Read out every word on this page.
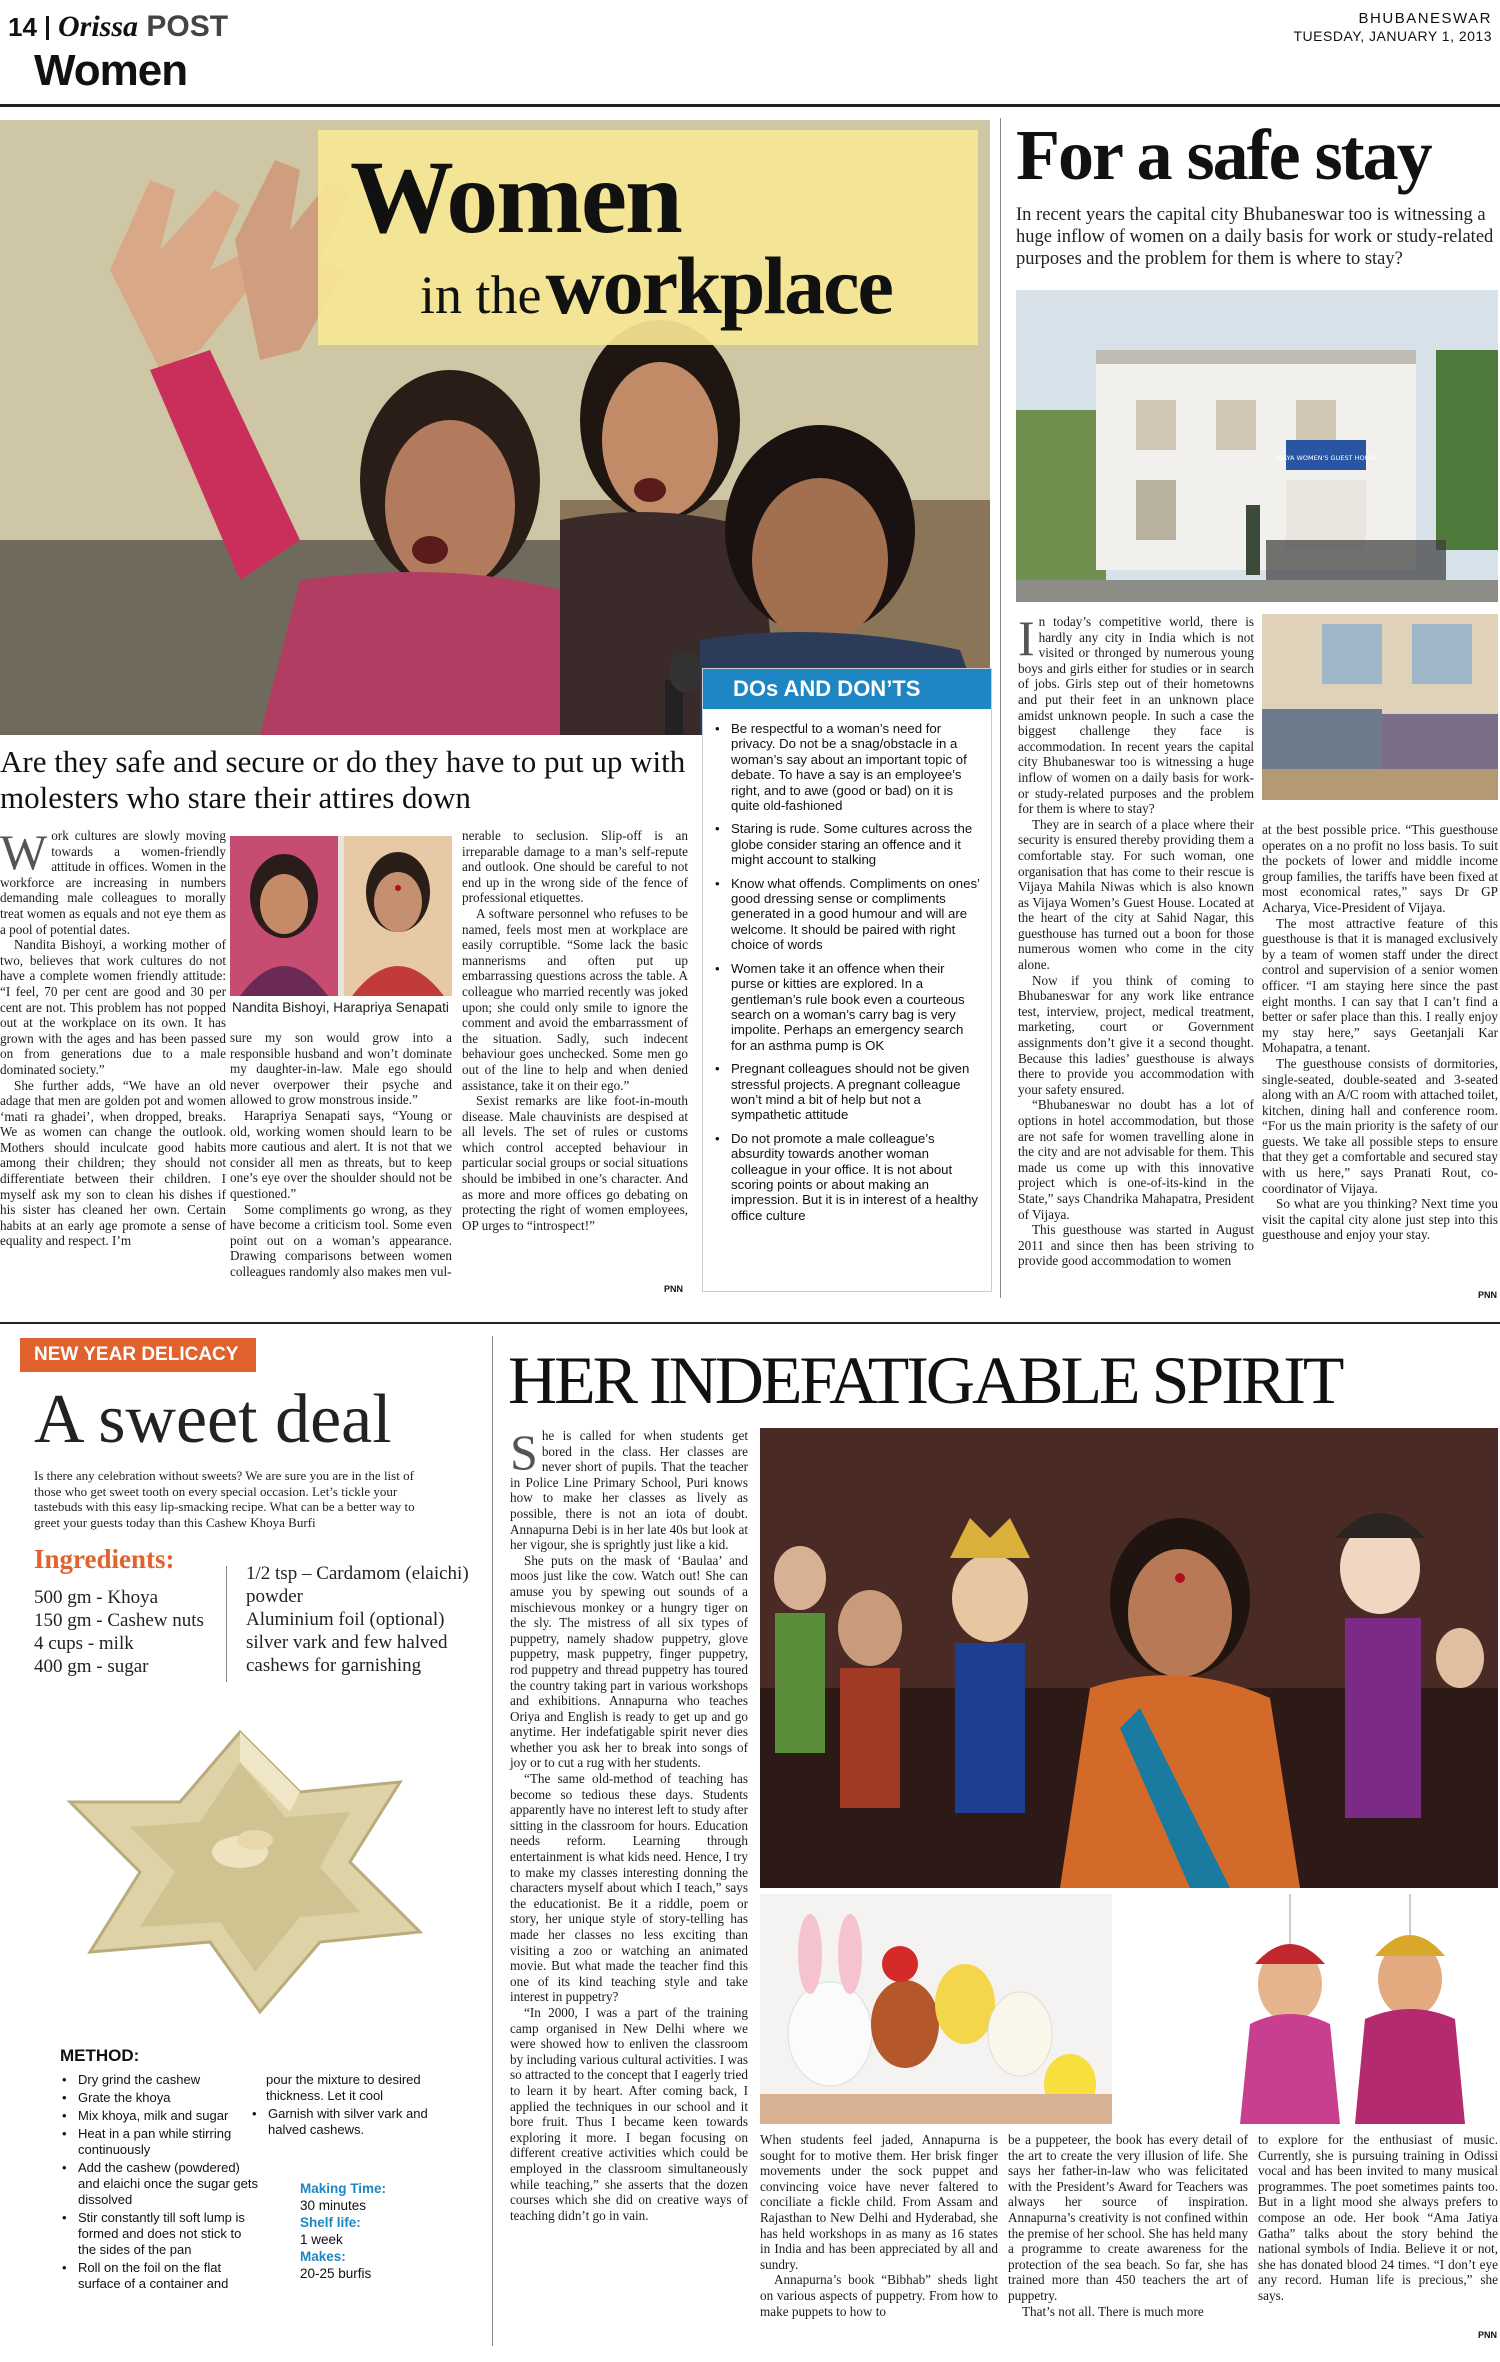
14 Orissa POST	BHUBANESWAR
TUESDAY, JANUARY 1, 2013
Women
Women
in the workplace
DOs AND DON’TS
• Be respectful to a woman’s need for privacy. Do not be a snag/obstacle in a woman’s say about an important topic of debate. To have a say is an employee’s right, and to awe (good or bad) on it is quite old-fashioned
• Staring is rude. Some cultures across the globe consider staring an offence and it might account to stalking
• Know what offends. Compliments on ones’ good dressing sense or compliments generated in a good humour and will are welcome. It should be paired with right choice of words
• Women take it an offence when their purse or kitties are explored. In a gentleman’s rule book even a courteous search on a woman’s carry bag is very impolite. Perhaps an emergency search for an asthma pump is OK
• Pregnant colleagues should not be given stressful projects. A pregnant colleague won’t mind a bit of help but not a sympathetic attitude
• Do not promote a male colleague’s absurdity towards another woman colleague in your office. It is not about scoring points or about making an impression. But it is in interest of a healthy office culture
Are they safe and secure or do they have to put up with molesters who stare their attires down

Work cultures are slowly moving towards a women-friendly attitude in offices. Women in the workforce are increasing in numbers demanding male colleagues to morally treat women as equals and not eye them as a pool of potential dates.

Nandita Bishoyi, a working mother of two, believes that work cultures do not have a complete women friendly attitude: “I feel, 70 per cent are good and 30 per cent are not. This problem has not popped out at the workplace on its own. It has grown with the ages and has been passed on from generations due to a male dominated society.”

She further adds, “We have an old adage that men are golden pot and women ‘mati ra ghadei’, when dropped, breaks. We as women can change the outlook. Mothers should inculcate good habits among their children; they should not differentiate between their children. I myself ask my son to clean his dishes if his sister has cleaned her own. Certain habits at an early age promote a sense of equality and respect. I’m

Nandita Bishoyi, Harapriya Senapati

sure my son would grow into a responsible husband and won’t dominate my daughter-in-law. Male ego should never overpower their psyche and allowed to grow monstrous inside.”

Harapriya Senapati says, “Young or old, working women should learn to be more cautious and alert. It is not that we consider all men as threats, but to keep one’s eye over the shoulder should not be questioned.”

Some compliments go wrong, as they have become a criticism tool. Some even point out on a woman’s appearance. Drawing comparisons between women colleagues randomly also makes men vul-

nerable to seclusion. Slip-off is an irreparable damage to a man’s self-repute and outlook. One should be careful to not end up in the wrong side of the fence of professional etiquettes.

A software personnel who refuses to be named, feels most men at workplace are easily corruptible. “Some lack the basic mannerisms and often put up embarrassing questions across the table. A colleague who married recently was joked upon; she could only smile to ignore the comment and avoid the embarrassment of the situation. Sadly, such indecent behaviour goes unchecked. Some men go out of the line to help and when denied assistance, take it on their ego.”

Sexist remarks are like foot-in-mouth disease. Male chauvinists are despised at all levels. The set of rules or customs which control accepted behaviour in particular social groups or social situations should be imbibed in one’s character. And as more and more offices go debating on protecting the right of women employees, OP urges to “introspect!”

PNN
For a safe stay
In recent years the capital city Bhubaneswar too is witnessing a huge inflow of women on a daily basis for work or study-related purposes and the problem for them is where to stay?
VIJAYA WOMEN'S GUEST HOUSE

In today’s competitive world, there is hardly any city in India which is not visited or thronged by numerous young boys and girls either for studies or in search of jobs. Girls step out of their hometowns and put their feet in an unknown place amidst unknown people. In such a case the biggest challenge they face is accommodation. In recent years the capital city Bhubaneswar too is witnessing a huge inflow of women on a daily basis for work- or study-related purposes and the problem for them is where to stay?

They are in search of a place where their security is ensured thereby providing them a comfortable stay. For such woman, one organisation that has come to their rescue is Vijaya Mahila Niwas which is also known as Vijaya Women’s Guest House. Located at the heart of the city at Sahid Nagar, this guesthouse has turned out a boon for those numerous women who come in the city alone.

Now if you think of coming to Bhubaneswar for any work like entrance test, interview, project, medical treatment, marketing, court or Government assignments don’t give it a second thought. Because this ladies’ guesthouse is always there to provide you accommodation with your safety ensured.

“Bhubaneswar no doubt has a lot of options in hotel accommodation, but those are not safe for women travelling alone in the city and are not advisable for them. This made us come up with this innovative project which is one-of-its-kind in the State,” says Chandrika Mahapatra, President of Vijaya.

This guesthouse was started in August 2011 and since then has been striving to provide good accommodation to women

at the best possible price. “This guesthouse operates on a no profit no loss basis. To suit the pockets of lower and middle income group families, the tariffs have been fixed at most economical rates,” says Dr GP Acharya, Vice-President of Vijaya.

The most attractive feature of this guesthouse is that it is managed exclusively by a team of women staff under the direct control and supervision of a senior women officer. “I am staying here since the past eight months. I can say that I can’t find a better or safer place than this. I really enjoy my stay here,” says Geetanjali Kar Mohapatra, a tenant.

The guesthouse consists of dormitories, single-seated, double-seated and 3-seated along with an A/C room with attached toilet, kitchen, dining hall and conference room. “For us the main priority is the safety of our guests. We take all possible steps to ensure that they get a comfortable and secured stay with us here,” says Pranati Rout, co-coordinator of Vijaya.

So what are you thinking? Next time you visit the capital city alone just step into this guesthouse and enjoy your stay.

PNN
NEW YEAR DELICACY
A sweet deal
Is there any celebration without sweets? We are sure you are in the list of those who get sweet tooth on every special occasion. Let’s tickle your tastebuds with this easy lip-smacking recipe. What can be a better way to greet your guests today than this Cashew Khoya Burfi
Ingredients:
500 gm - Khoya
150 gm - Cashew nuts
4 cups - milk
400 gm - sugar
1/2 tsp – Cardamom (elaichi) powder
Aluminium foil (optional) silver vark and few halved cashews for garnishing
METHOD:
• Dry grind the cashew
• Grate the khoya
• Mix khoya, milk and sugar
• Heat in a pan while stirring continuously
• Add the cashew (powdered) and elaichi once the sugar gets dissolved
• Stir constantly till soft lump is formed and does not stick to the sides of the pan
• Roll on the foil on the flat surface of a container and
pour the mixture to desired thickness. Let it cool
• Garnish with silver vark and halved cashews.
Making Time:
30 minutes
Shelf life:
1 week
Makes:
20-25 burfis
HER INDEFATIGABLE SPIRIT

She is called for when students get bored in the class. Her classes are never short of pupils. That the teacher in Police Line Primary School, Puri knows how to make her classes as lively as possible, there is not an iota of doubt. Annapurna Debi is in her late 40s but look at her vigour, she is sprightly just like a kid.

She puts on the mask of ‘Baulaa’ and moos just like the cow. Watch out! She can amuse you by spewing out sounds of a mischievous monkey or a hungry tiger on the sly. The mistress of all six types of puppetry, namely shadow puppetry, glove puppetry, mask puppetry, finger puppetry, rod puppetry and thread puppetry has toured the country taking part in various workshops and exhibitions. Annapurna who teaches Oriya and English is ready to get up and go anytime. Her indefatigable spirit never dies whether you ask her to break into songs of joy or to cut a rug with her students.

“The same old-method of teaching has become so tedious these days. Students apparently have no interest left to study after sitting in the classroom for hours. Education needs reform. Learning through entertainment is what kids need. Hence, I try to make my classes interesting donning the characters myself about which I teach,” says the educationist. Be it a riddle, poem or story, her unique style of story-telling has made her classes no less exciting than visiting a zoo or watching an animated movie. But what made the teacher find this one of its kind teaching style and take interest in puppetry?

“In 2000, I was a part of the training camp organised in New Delhi where we were showed how to enliven the classroom by including various cultural activities. I was so attracted to the concept that I eagerly tried to learn it by heart. After coming back, I applied the techniques in our school and it bore fruit. Thus I became keen towards exploring it more. I began focusing on different creative activities which could be employed in the classroom simultaneously while teaching,” she asserts that the dozen courses which she did on creative ways of teaching didn’t go in vain.

When students feel jaded, Annapurna is sought for to motive them. Her brisk finger movements under the sock puppet and convincing voice have never faltered to conciliate a fickle child. From Assam and Rajasthan to New Delhi and Hyderabad, she has held workshops in as many as 16 states in India and has been appreciated by all and sundry.

Annapurna’s book “Bibhab” sheds light on various aspects of puppetry. From how to make puppets to how to

be a puppeteer, the book has every detail of the art to create the very illusion of life. She says her father-in-law who was felicitated with the President’s Award for Teachers was always her source of inspiration. Annapurna’s creativity is not confined within the premise of her school. She has held many a programme to create awareness for the protection of the sea beach. So far, she has trained more than 450 teachers the art of puppetry.

That’s not all. There is much more

to explore for the enthusiast of music. Currently, she is pursuing training in Odissi vocal and has been invited to many musical programmes. The poet sometimes paints too. But in a light mood she always prefers to compose an ode. Her book “Ama Jatiya Gatha” talks about the story behind the national symbols of India. Believe it or not, she has donated blood 24 times. “I don’t eye any record. Human life is precious,” she says.

PNN
